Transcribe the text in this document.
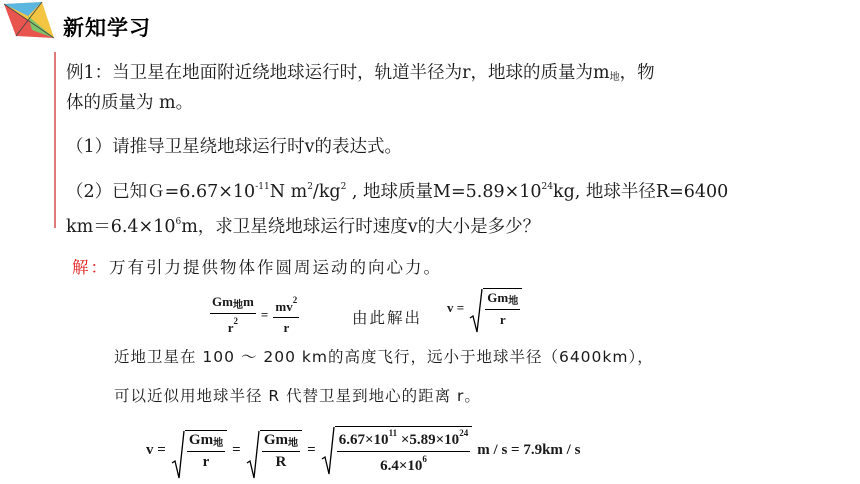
新知学习
例1：当卫星在地面附近绕地球运行时，轨道半径为r，地球的质量为$m_地$，物
体的质量为 m。
（1）请推导卫星绕地球运行时v的表达式。
（2）已知$G=6.67\times 10^{-11}N$ $m^2/kg^2$ , 地球质量$M=5.89\times 10^{24}kg$, 地球半径R=6400
$km=6.4\times 10^6m$，求卫星绕地球运行时速度v的大小是多少？
解：万有引力提供物体作圆周运动的向心力。
$\frac{Gm_地m}{r^2} = \frac{mv^2}{r}$	由此解出
$v = \frac{Gm_地}{r}$
近地卫星在 100 ～ 200 km的高度飞行，远小于地球半径（6400km），
可以近似用地球半径 R 代替卫星到地心的距离 r。
$v = \frac{Gm_地}{r} = \frac{Gm_地}{R} = \frac{6.67\times 10^{11} \times 5.89\times 10^{24}}{6.4\times 10^6}$ m / s = 7.9km / s
